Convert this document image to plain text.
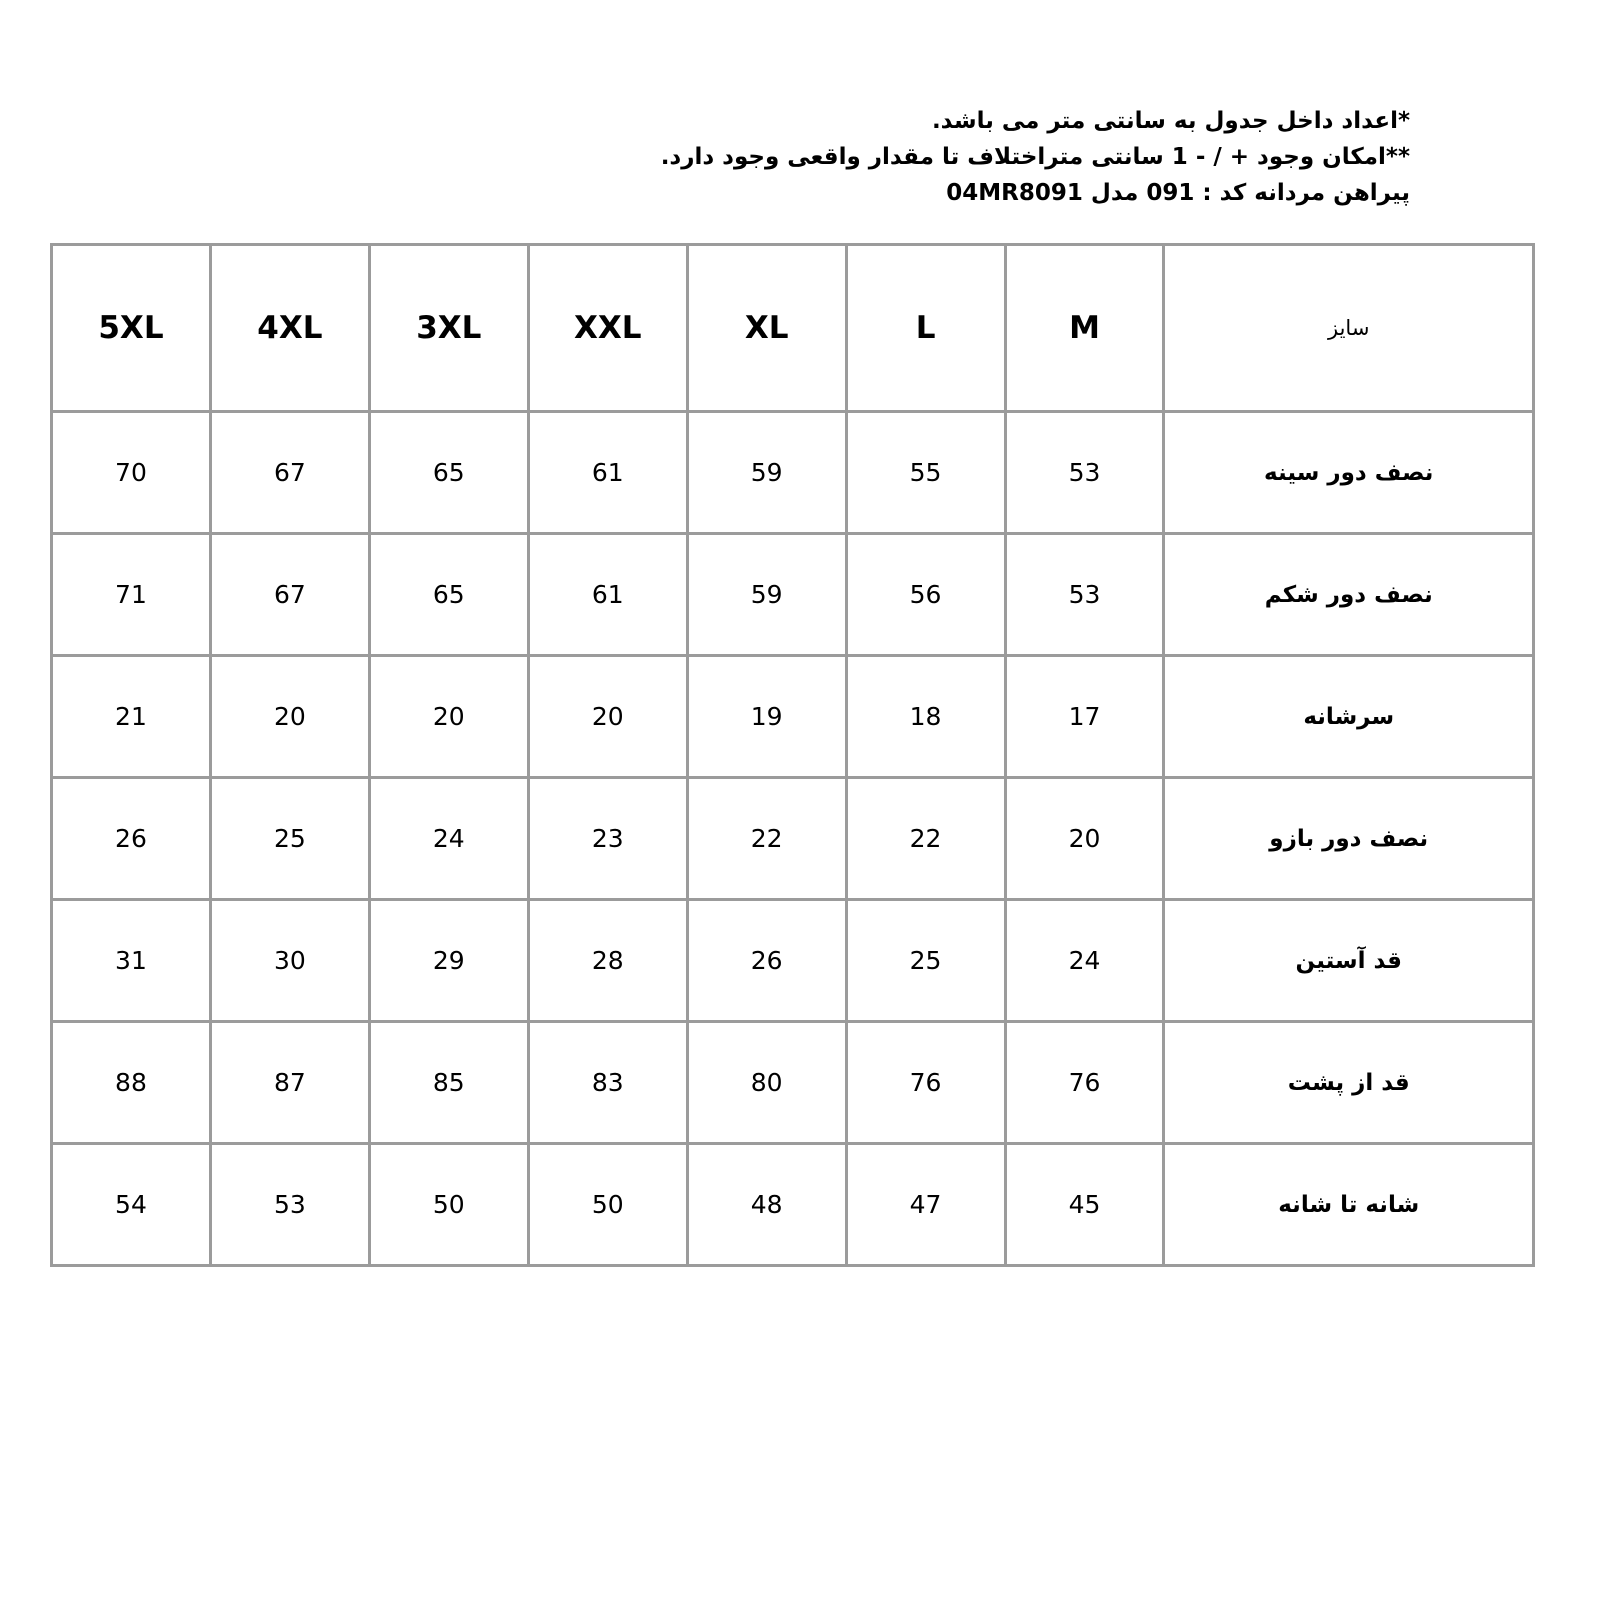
*اعداد داخل جدول به سانتی متر می باشد.
**امکان وجود + / - 1 سانتی متراختلاف تا مقدار واقعی وجود دارد.
پیراهن مردانه کد : 091 مدل 04MR8091
5XL	4XL	3XL	XXL	XL	L	M	سایز
70	67	65	61	59	55	53	نصف دور سینه
71	67	65	61	59	56	53	نصف دور شکم
21	20	20	20	19	18	17	سرشانه
26	25	24	23	22	22	20	نصف دور بازو
31	30	29	28	26	25	24	قد آستین
88	87	85	83	80	76	76	قد از پشت
54	53	50	50	48	47	45	شانه تا شانه
